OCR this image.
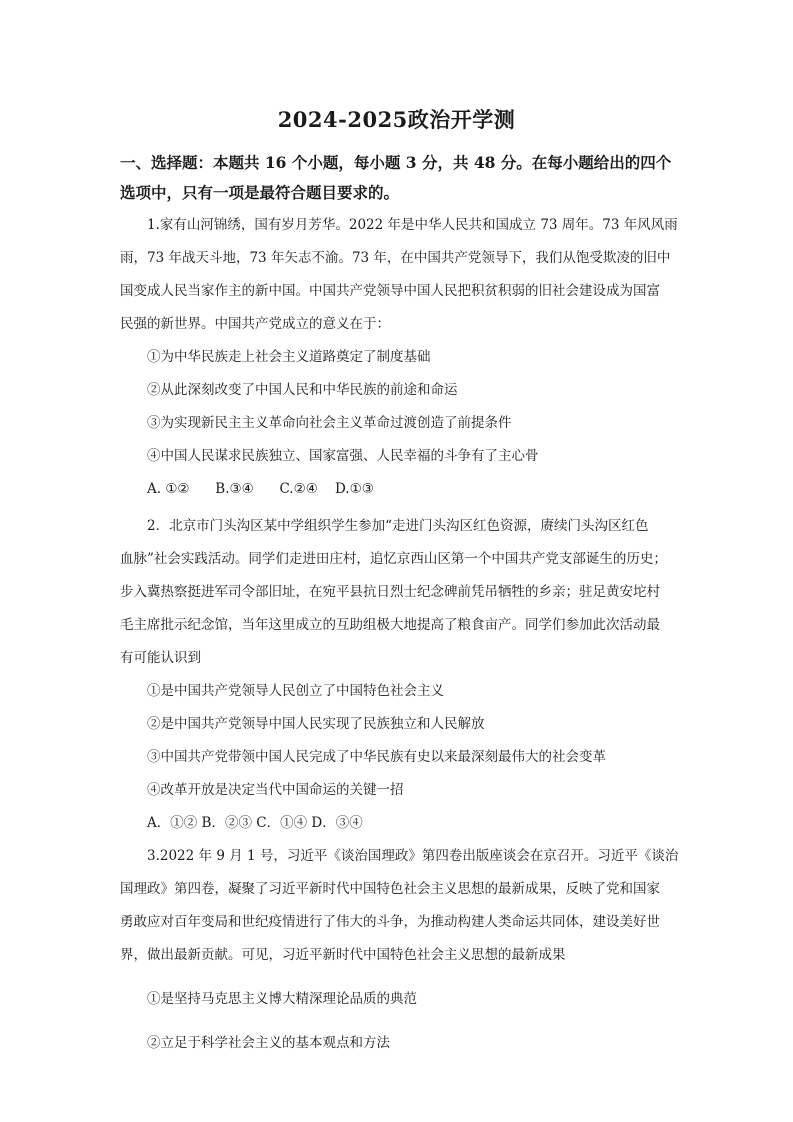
2024-2025政治开学测
一、选择题：本题共 16 个小题，每小题 3 分，共 48 分。在每小题给出的四个
选项中，只有一项是最符合题目要求的。
1.家有山河锦绣，国有岁月芳华。2022 年是中华人民共和国成立 73 周年。73 年风风雨
雨，73 年战天斗地，73 年矢志不渝。73 年，在中国共产党领导下，我们从饱受欺凌的旧中
国变成人民当家作主的新中国。中国共产党领导中国人民把积贫积弱的旧社会建设成为国富
民强的新世界。中国共产党成立的意义在于：
①为中华民族走上社会主义道路奠定了制度基础
②从此深刻改变了中国人民和中华民族的前途和命运
③为实现新民主主义革命向社会主义革命过渡创造了前提条件
④中国人民谋求民族独立、国家富强、人民幸福的斗争有了主心骨
A. ①②      B.③④      C.②④    D.①③
2．北京市门头沟区某中学组织学生参加“走进门头沟区红色资源，赓续门头沟区红色
血脉”社会实践活动。同学们走进田庄村，追忆京西山区第一个中国共产党支部诞生的历史；
步入冀热察挺进军司令部旧址，在宛平县抗日烈士纪念碑前凭吊牺牲的乡亲；驻足黄安坨村
毛主席批示纪念馆，当年这里成立的互助组极大地提高了粮食亩产。同学们参加此次活动最
有可能认识到
①是中国共产党领导人民创立了中国特色社会主义
②是中国共产党领导中国人民实现了民族独立和人民解放
③中国共产党带领中国人民完成了中华民族有史以来最深刻最伟大的社会变革
④改革开放是决定当代中国命运的关键一招
A．①② B．②③ C．①④ D．③④
3.2022 年 9 月 1 号，习近平《谈治国理政》第四卷出版座谈会在京召开。习近平《谈治
国理政》第四卷，凝聚了习近平新时代中国特色社会主义思想的最新成果，反映了党和国家
勇敢应对百年变局和世纪疫情进行了伟大的斗争，为推动构建人类命运共同体，建设美好世
界，做出最新贡献。可见，习近平新时代中国特色社会主义思想的最新成果
①是坚持马克思主义博大精深理论品质的典范
②立足于科学社会主义的基本观点和方法
